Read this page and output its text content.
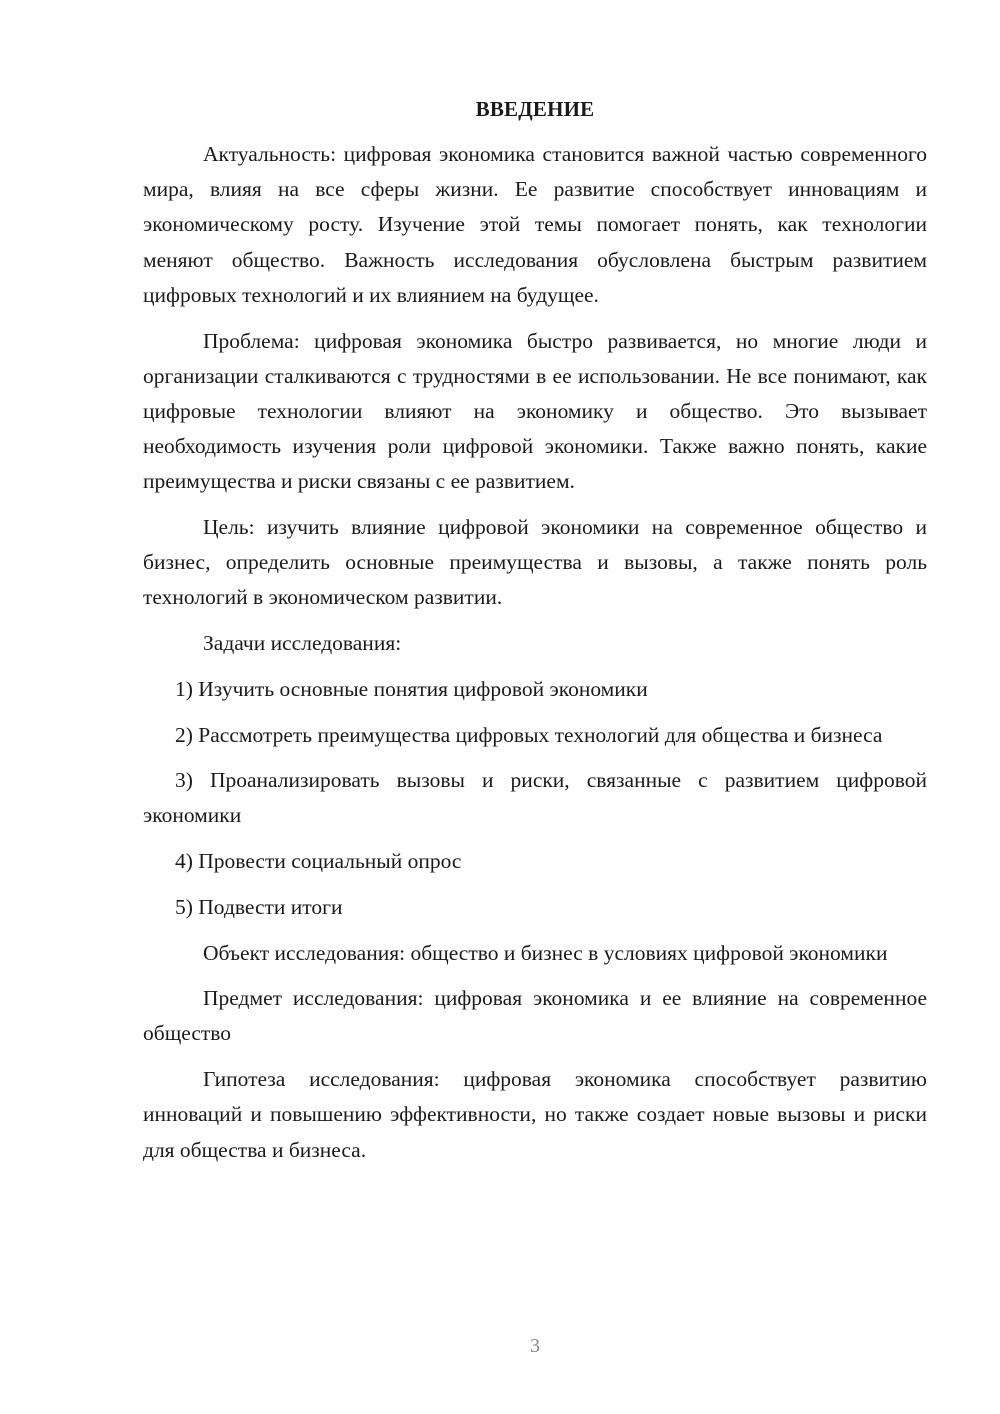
ВВЕДЕНИЕ

Актуальность: цифровая экономика становится важной частью современного мира, влияя на все сферы жизни. Ее развитие способствует инновациям и экономическому росту. Изучение этой темы помогает понять, как технологии меняют общество. Важность исследования обусловлена быстрым развитием цифровых технологий и их влиянием на будущее.

Проблема: цифровая экономика быстро развивается, но многие люди и организации сталкиваются с трудностями в ее использовании. Не все понимают, как цифровые технологии влияют на экономику и общество. Это вызывает необходимость изучения роли цифровой экономики. Также важно понять, какие преимущества и риски связаны с ее развитием.

Цель: изучить влияние цифровой экономики на современное общество и бизнес, определить основные преимущества и вызовы, а также понять роль технологий в экономическом развитии.

Задачи исследования:

1) Изучить основные понятия цифровой экономики

2) Рассмотреть преимущества цифровых технологий для общества и бизнеса

3) Проанализировать вызовы и риски, связанные с развитием цифровой экономики

4) Провести социальный опрос

5) Подвести итоги

Объект исследования: общество и бизнес в условиях цифровой экономики

Предмет исследования: цифровая экономика и ее влияние на современное общество

Гипотеза исследования: цифровая экономика способствует развитию инноваций и повышению эффективности, но также создает новые вызовы и риски для общества и бизнеса.

3
